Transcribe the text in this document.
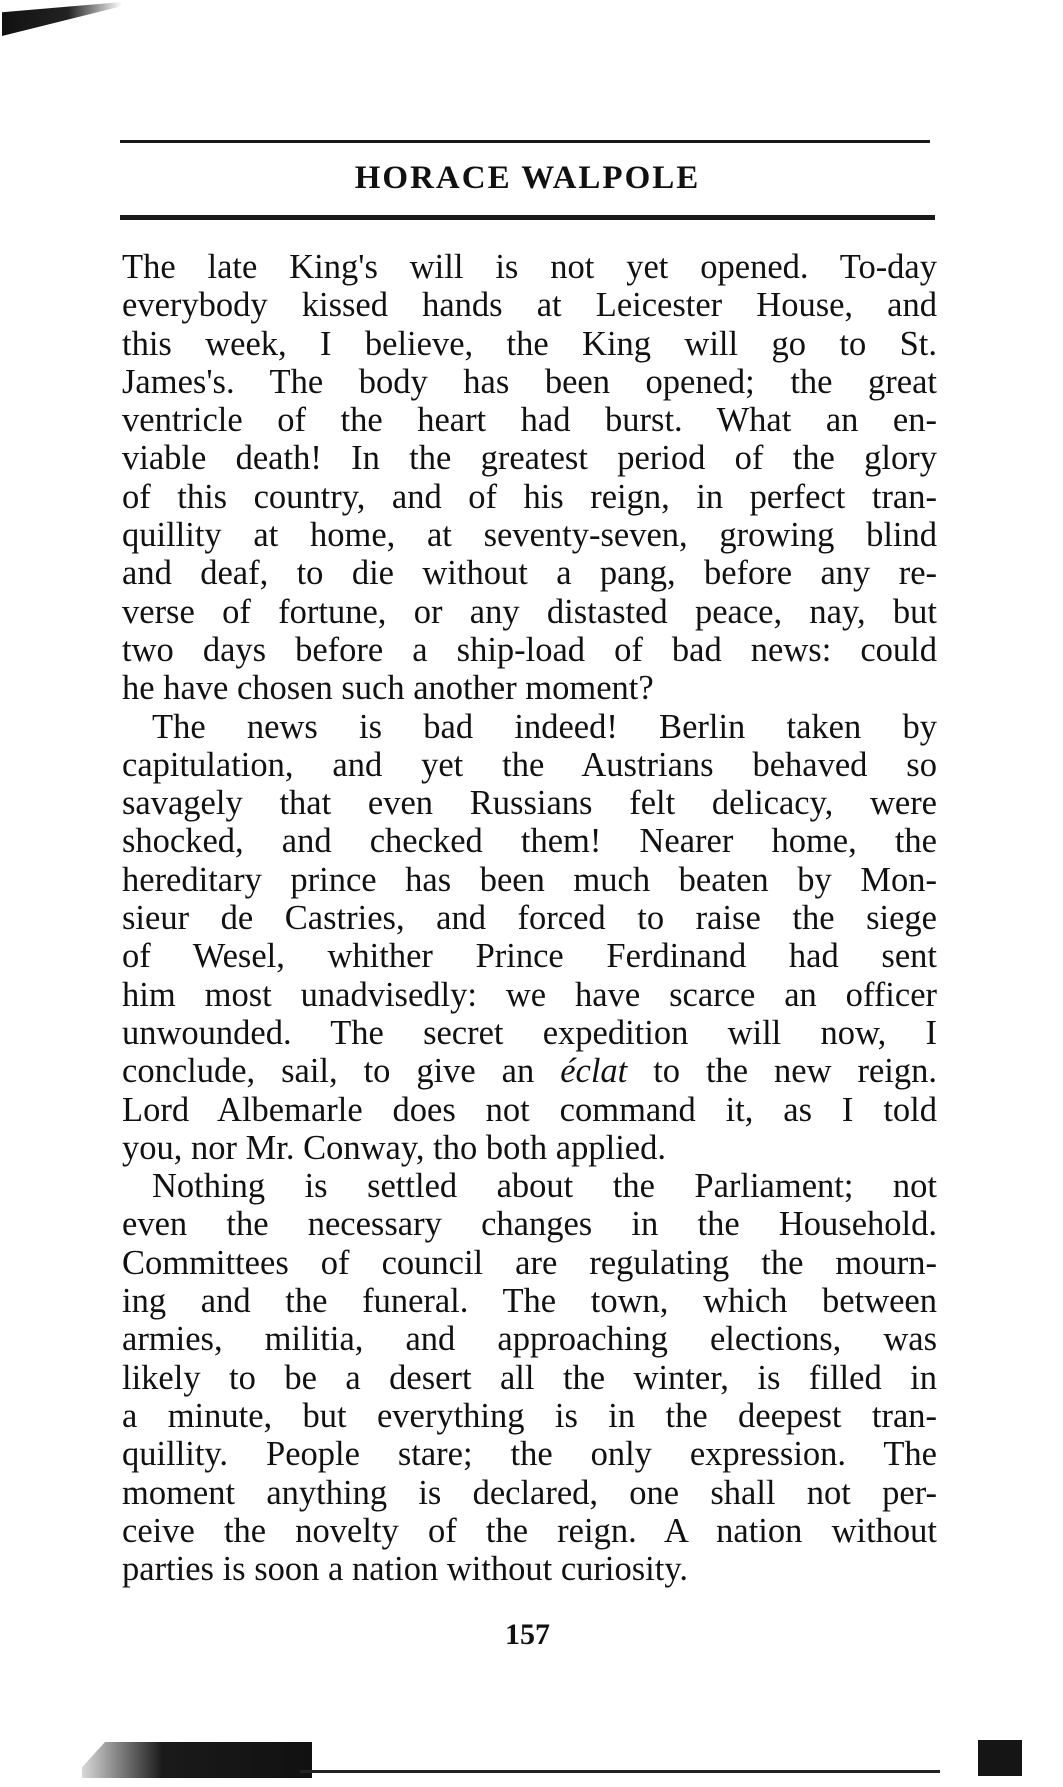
HORACE WALPOLE
The late King's will is not yet opened. To-day
everybody kissed hands at Leicester House, and
this week, I believe, the King will go to St.
James's. The body has been opened; the great
ventricle of the heart had burst. What an en-
viable death! In the greatest period of the glory
of this country, and of his reign, in perfect tran-
quillity at home, at seventy-seven, growing blind
and deaf, to die without a pang, before any re-
verse of fortune, or any distasted peace, nay, but
two days before a ship-load of bad news: could
he have chosen such another moment?
The news is bad indeed! Berlin taken by
capitulation, and yet the Austrians behaved so
savagely that even Russians felt delicacy, were
shocked, and checked them! Nearer home, the
hereditary prince has been much beaten by Mon-
sieur de Castries, and forced to raise the siege
of Wesel, whither Prince Ferdinand had sent
him most unadvisedly: we have scarce an officer
unwounded. The secret expedition will now, I
conclude, sail, to give an éclat to the new reign.
Lord Albemarle does not command it, as I told
you, nor Mr. Conway, tho both applied.
Nothing is settled about the Parliament; not
even the necessary changes in the Household.
Committees of council are regulating the mourn-
ing and the funeral. The town, which between
armies, militia, and approaching elections, was
likely to be a desert all the winter, is filled in
a minute, but everything is in the deepest tran-
quillity. People stare; the only expression. The
moment anything is declared, one shall not per-
ceive the novelty of the reign. A nation without
parties is soon a nation without curiosity.
157
